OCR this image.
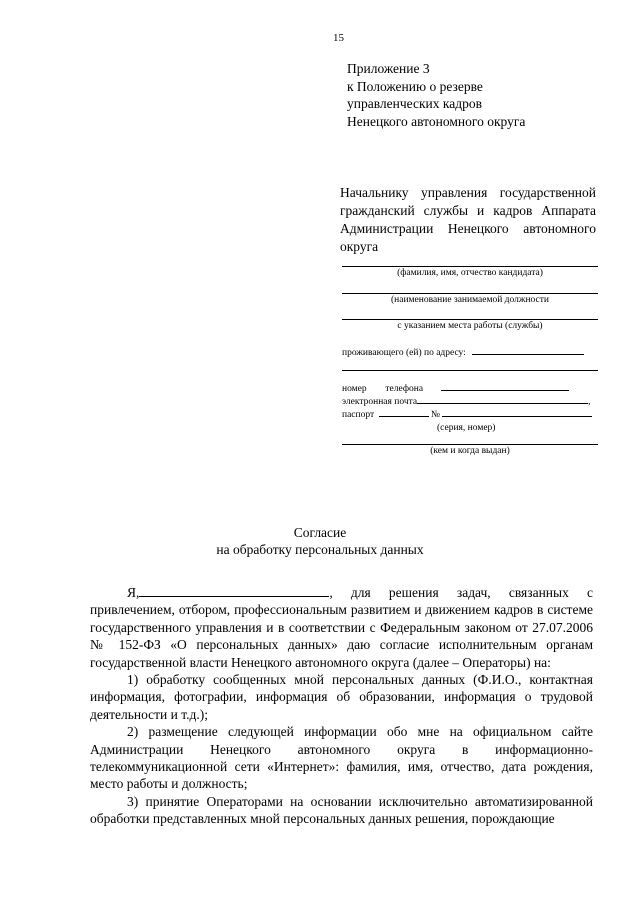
15
Приложение 3
к Положению о резерве
управленческих кадров
Ненецкого автономного округа
Начальнику управления государственной гражданский службы и кадров Аппарата Администрации Ненецкого автономного округа
(фамилия, имя, отчество кандидата)
(наименование занимаемой должности
с указанием места работы (службы)
проживающего (ей) по адресу:
номер телефона
электронная почта	,
паспорт	№
(серия, номер)
(кем и когда выдан)
Согласие
на обработку персональных данных

Я,	, для решения задач, связанных с привлечением, отбором, профессиональным развитием и движением кадров в системе государственного управления и в соответствии с Федеральным законом от 27.07.2006 № 152-ФЗ «О персональных данных» даю согласие исполнительным органам государственной власти Ненецкого автономного округа (далее – Операторы) на:

1) обработку сообщенных мной персональных данных (Ф.И.О., контактная информация, фотографии, информация об образовании, информация о трудовой деятельности и т.д.);

2) размещение следующей информации обо мне на официальном сайте Администрации Ненецкого автономного округа в информационно-телекоммуникационной сети «Интернет»: фамилия, имя, отчество, дата рождения, место работы и должность;

3) принятие Операторами на основании исключительно автоматизированной обработки представленных мной персональных данных решения, порождающие
